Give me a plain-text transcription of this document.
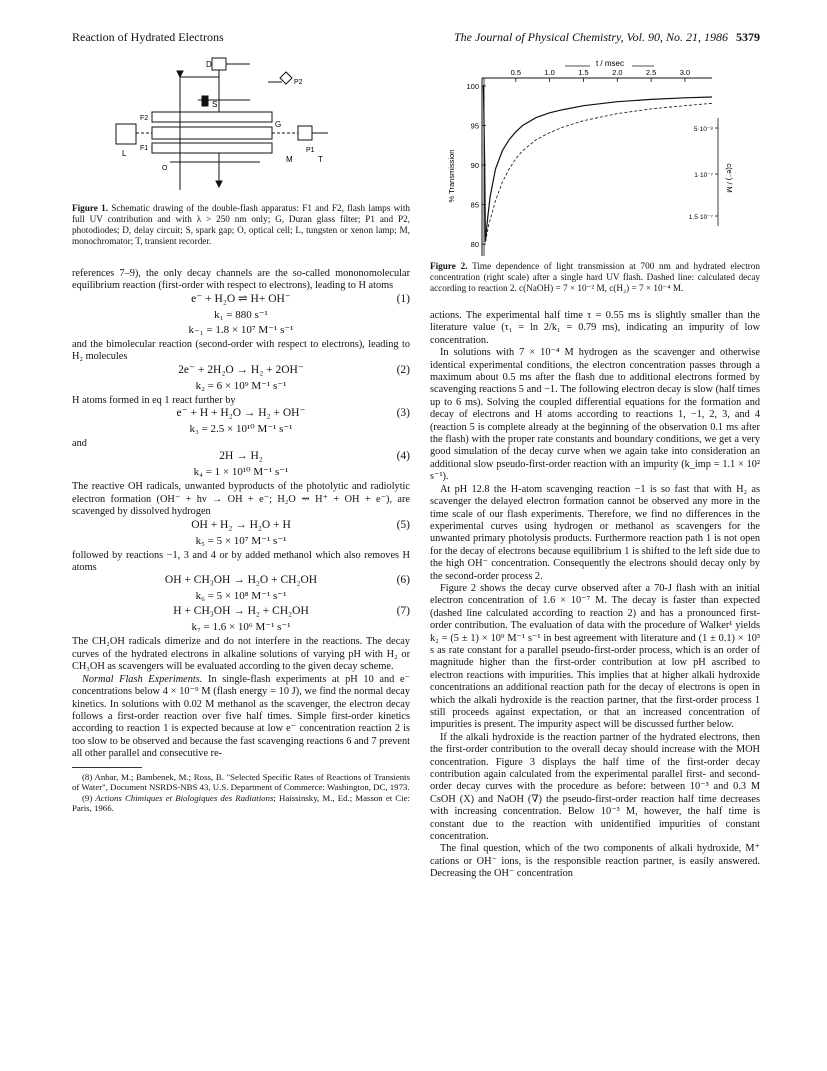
Reaction of Hydrated Electrons	The Journal of Physical Chemistry, Vol. 90, No. 21, 1986 5379
D
S
P2
F2
G
F1
O
M
P1
T
L
Figure 1. Schematic drawing of the double-flash apparatus: F1 and F2, flash lamps with full UV contribution and with λ > 250 nm only; G, Duran glass filter; P1 and P2, photodiodes; D, delay circuit; S, spark gap; O, optical cell; L, tungsten or xenon lamp; M, monochromator; T, transient recorder.

references 7–9), the only decay channels are the so-called mononomolecular equilibrium reaction (first-order with respect to electrons), leading to H atoms

e⁻ + H₂O ⇌ H+ OH⁻	(1)
k₁ = 880 s⁻¹
k₋₁ = 1.8 × 10⁷ M⁻¹ s⁻¹

and the bimolecular reaction (second-order with respect to electrons), leading to H₂ molecules

2e⁻ + 2H₂O → H₂ + 2OH⁻	(2)
k₂ = 6 × 10⁹ M⁻¹ s⁻¹

H atoms formed in eq 1 react further by

e⁻ + H + H₂O → H₂ + OH⁻	(3)
k₃ = 2.5 × 10¹⁰ M⁻¹ s⁻¹

and

2H → H₂	(4)
k₄ = 1 × 10¹⁰ M⁻¹ s⁻¹

The reactive OH radicals, unwanted byproducts of the photolytic and radiolytic electron formation (OH⁻ + hν → OH + e⁻; H₂O ⇝ H⁺ + OH + e⁻), are scavenged by dissolved hydrogen

OH + H₂ → H₂O + H	(5)
k₅ = 5 × 10⁷ M⁻¹ s⁻¹

followed by reactions −1, 3 and 4 or by added methanol which also removes H atoms

OH + CH₃OH → H₂O + CH₂OH	(6)
k₆ = 5 × 10⁸ M⁻¹ s⁻¹
H + CH₃OH → H₂ + CH₂OH	(7)
k₇ = 1.6 × 10⁶ M⁻¹ s⁻¹

The CH₂OH radicals dimerize and do not interfere in the reactions. The decay curves of the hydrated electrons in alkaline solutions of varying pH with H₂ or CH₃OH as scavengers will be evaluated according to the given decay scheme.

Normal Flash Experiments. In single-flash experiments at pH 10 and e⁻ concentrations below 4 × 10⁻⁹ M (flash energy = 10 J), we find the normal decay kinetics. In solutions with 0.02 M methanol as the scavenger, the electron decay follows a first-order reaction over five half times. Simple first-order kinetics according to reaction 1 is expected because at low e⁻ concentration reaction 2 is too slow to be observed and because the fast scavenging reactions 6 and 7 prevent all other parallel and consecutive re-

(8) Anbar, M.; Bambenek, M.; Ross, B. "Selected Specific Rates of Reactions of Transients of Water", Document NSRDS-NBS 43, U.S. Department of Commerce: Washington, DC, 1973.

(9) Actions Chimiques et Biologiques des Radiations; Haissinsky, M., Ed.; Masson et Cie: Paris, 1966.

0.5	1.0	1.5	2.0	2.5	3.0
100
95
90
85
80
5·10⁻⁸
1·10⁻⁷
1.5·10⁻⁷
t / msec
% Transmission	c(e⁻) / M
Figure 2. Time dependence of light transmission at 700 nm and hydrated electron concentration (right scale) after a single hard UV flash. Dashed line: calculated decay according to reaction 2. c(NaOH) = 7 × 10⁻² M, c(H₂) = 7 × 10⁻⁴ M.

actions. The experimental half time τ = 0.55 ms is slightly smaller than the literature value (τ₁ = ln 2/k₁ = 0.79 ms), indicating an impurity of low concentration.

In solutions with 7 × 10⁻⁴ M hydrogen as the scavenger and otherwise identical experimental conditions, the electron concentration passes through a maximum about 0.5 ms after the flash due to additional electrons formed by scavenging reactions 5 and −1. The following electron decay is slow (half times up to 6 ms). Solving the coupled differential equations for the formation and decay of electrons and H atoms according to reactions 1, −1, 2, 3, and 4 (reaction 5 is complete already at the beginning of the observation 0.1 ms after the flash) with the proper rate constants and boundary conditions, we get a very good simulation of the decay curve when we again take into consideration an additional slow pseudo-first-order reaction with an impurity (k_imp = 1.1 × 10² s⁻¹).

At pH 12.8 the H-atom scavenging reaction −1 is so fast that with H₂ as scavenger the delayed electron formation cannot be observed any more in the time scale of our flash experiments. Therefore, we find no differences in the experimental curves using hydrogen or methanol as scavengers for the unwanted primary photolysis products. Furthermore reaction path 1 is not open for the decay of electrons because equilibrium 1 is shifted to the left side due to the high OH⁻ concentration. Consequently the electrons should decay only by the second-order process 2.

Figure 2 shows the decay curve observed after a 70-J flash with an initial electron concentration of 1.6 × 10⁻⁷ M. The decay is faster than expected (dashed line calculated according to reaction 2) and has a pronounced first-order contribution. The evaluation of data with the procedure of Walker¹ yields k₂ = (5 ± 1) × 10⁹ M⁻¹ s⁻¹ in best agreement with literature and (1 ± 0.1) × 10³ s as rate constant for a parallel pseudo-first-order process, which is an order of magnitude higher than the first-order contribution at low pH ascribed to electron reactions with impurities. This implies that at higher alkali hydroxide concentrations an additional reaction path for the decay of electrons is open in which the alkali hydroxide is the reaction partner, that the first-order process 1 still proceeds against expectation, or that an increased concentration of impurities is present. The impurity aspect will be discussed further below.

If the alkali hydroxide is the reaction partner of the hydrated electrons, then the first-order contribution to the overall decay should increase with the MOH concentration. Figure 3 displays the half time of the first-order decay contribution again calculated from the experimental parallel first- and second-order decay curves with the procedure as before: between 10⁻³ and 0.3 M CsOH (X) and NaOH (∇) the pseudo-first-order reaction half time decreases with increasing concentration. Below 10⁻³ M, however, the half time is constant due to the reaction with unidentified impurities of constant concentration.

The final question, which of the two components of alkali hydroxide, M⁺ cations or OH⁻ ions, is the responsible reaction partner, is easily answered. Decreasing the OH⁻ concentration
